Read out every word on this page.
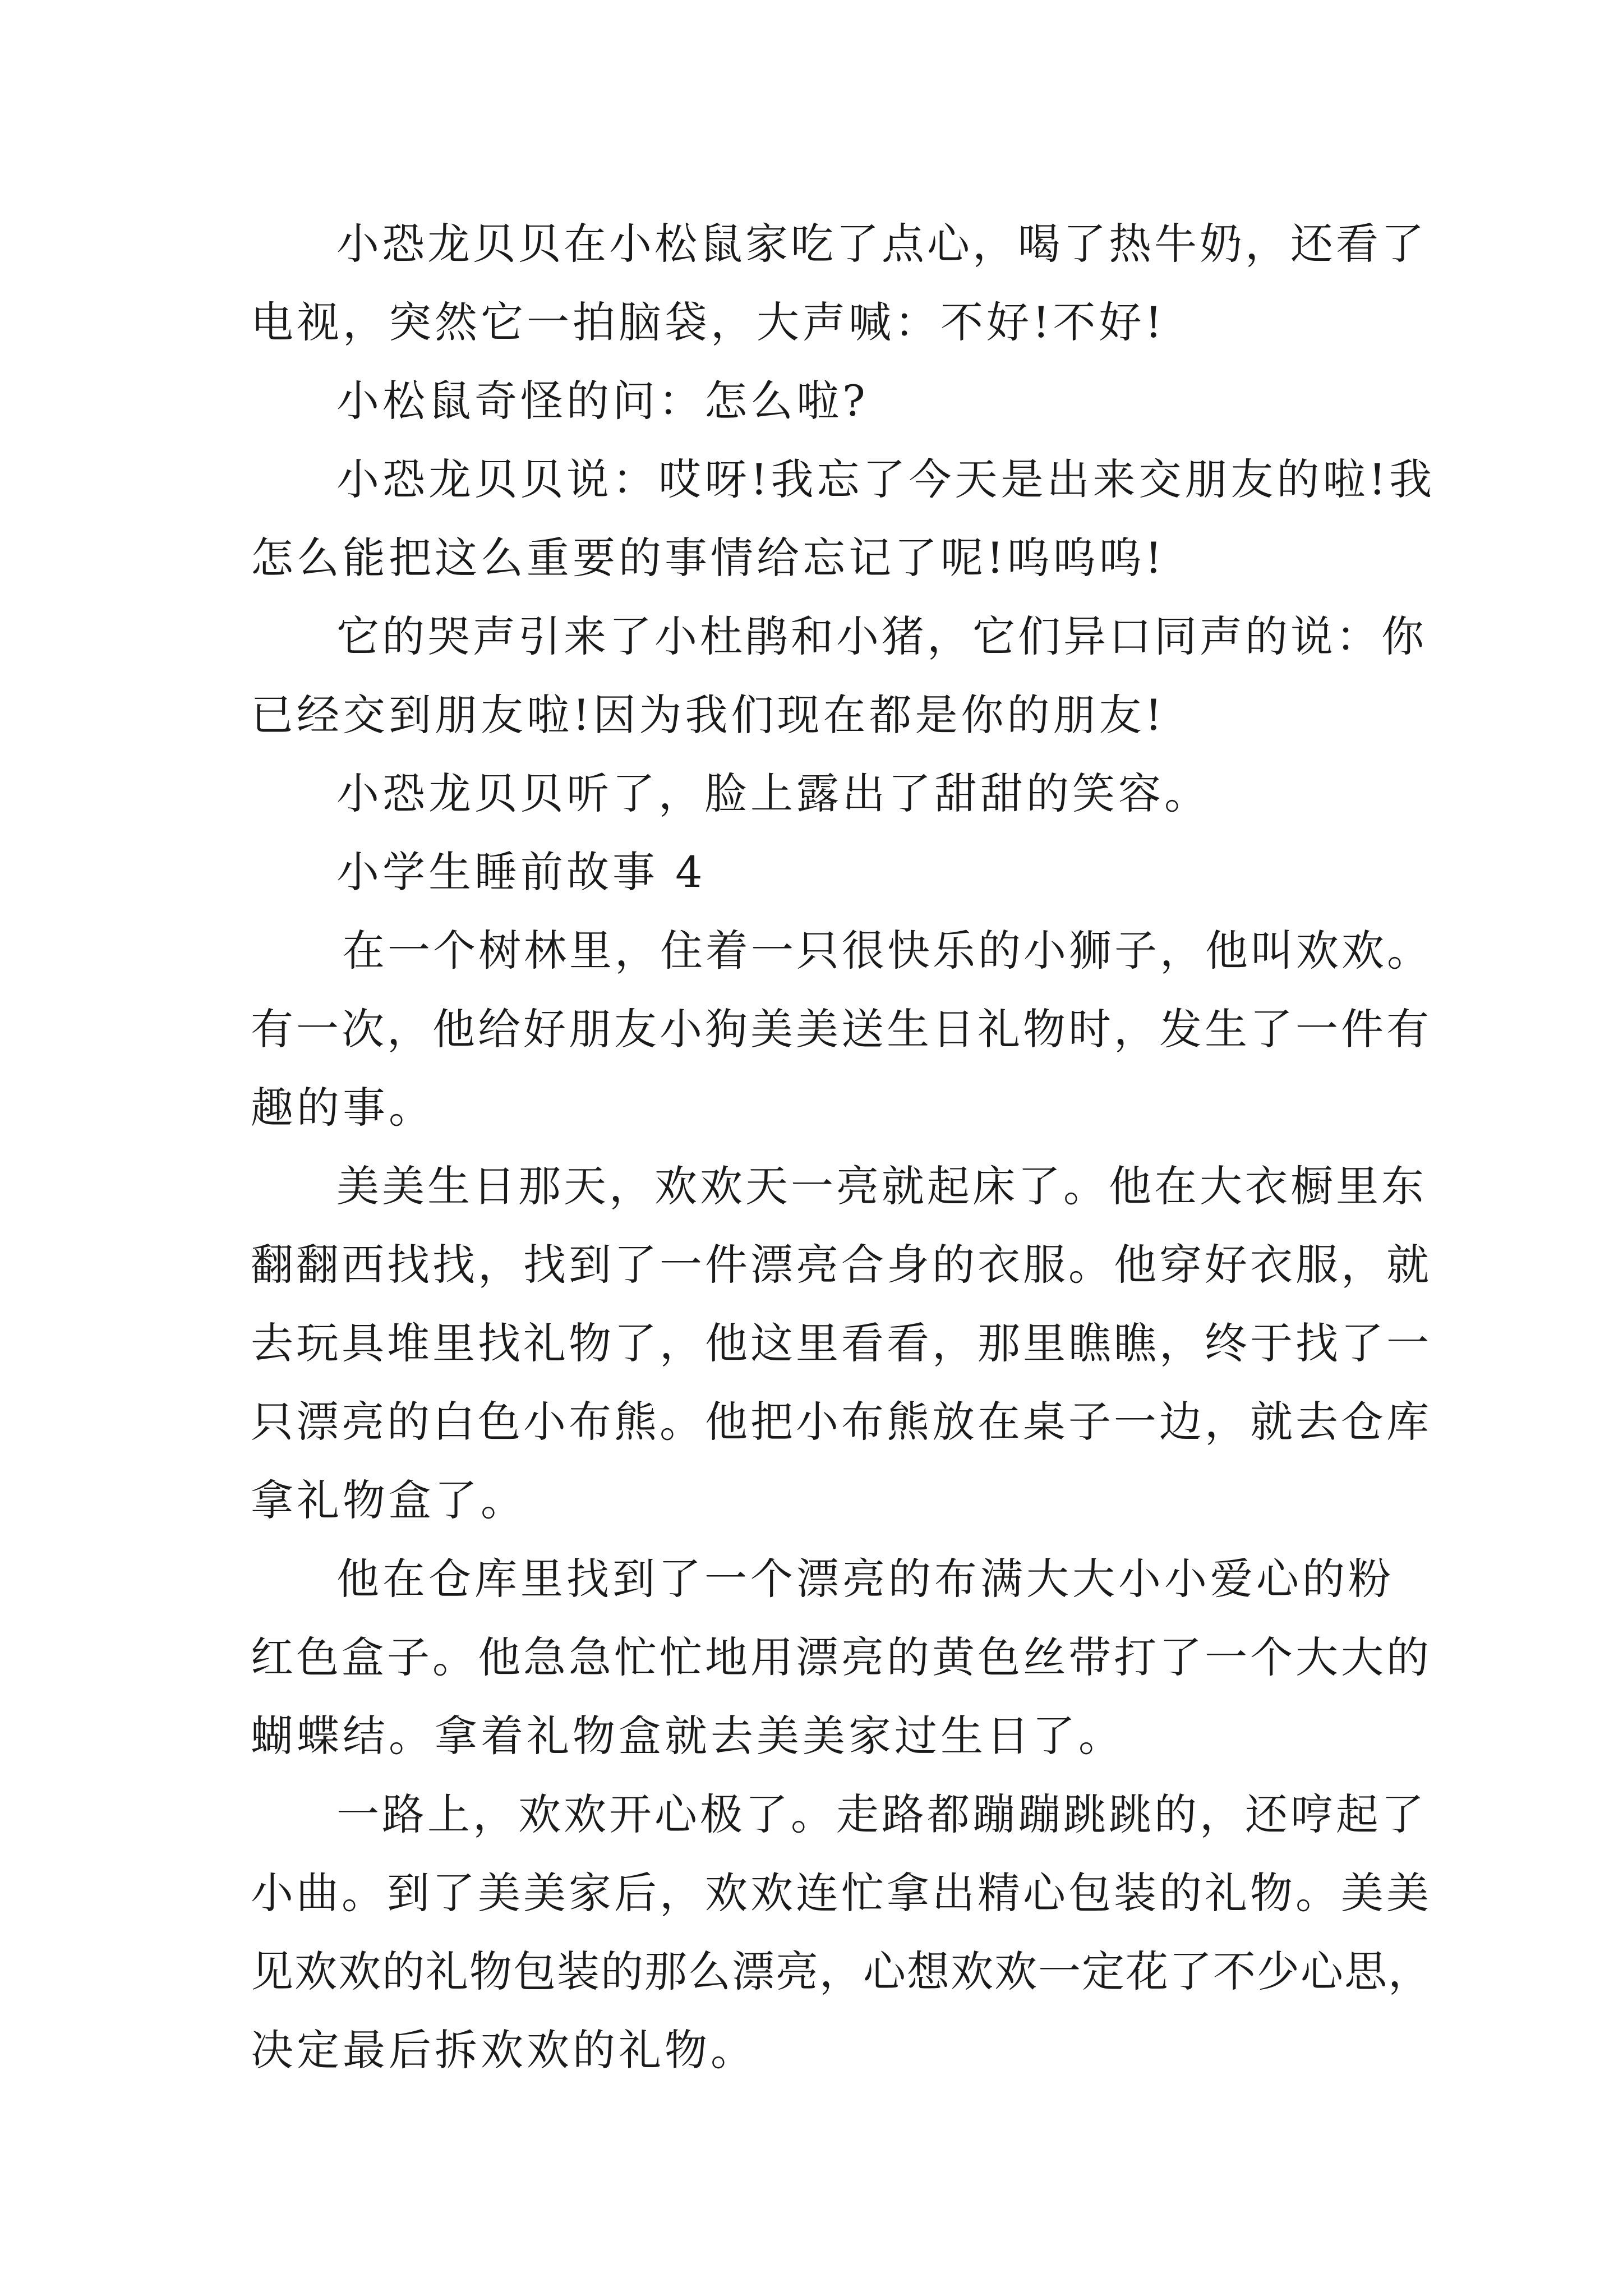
小恐龙贝贝在小松鼠家吃了点心，喝了热牛奶，还看了

电视，突然它一拍脑袋，大声喊：不好!不好!

小松鼠奇怪的问：怎么啦?

小恐龙贝贝说：哎呀!我忘了今天是出来交朋友的啦!我

怎么能把这么重要的事情给忘记了呢!呜呜呜!

它的哭声引来了小杜鹃和小猪，它们异口同声的说：你

已经交到朋友啦!因为我们现在都是你的朋友!

小恐龙贝贝听了，脸上露出了甜甜的笑容。

小学生睡前故事 4

在一个树林里，住着一只很快乐的小狮子，他叫欢欢。

有一次，他给好朋友小狗美美送生日礼物时，发生了一件有

趣的事。

美美生日那天，欢欢天一亮就起床了。他在大衣橱里东

翻翻西找找，找到了一件漂亮合身的衣服。他穿好衣服，就

去玩具堆里找礼物了，他这里看看，那里瞧瞧，终于找了一

只漂亮的白色小布熊。他把小布熊放在桌子一边，就去仓库

拿礼物盒了。

他在仓库里找到了一个漂亮的布满大大小小爱心的粉

红色盒子。他急急忙忙地用漂亮的黄色丝带打了一个大大的

蝴蝶结。拿着礼物盒就去美美家过生日了。

一路上，欢欢开心极了。走路都蹦蹦跳跳的，还哼起了

小曲。到了美美家后，欢欢连忙拿出精心包装的礼物。美美

见欢欢的礼物包装的那么漂亮，心想欢欢一定花了不少心思，

决定最后拆欢欢的礼物。
